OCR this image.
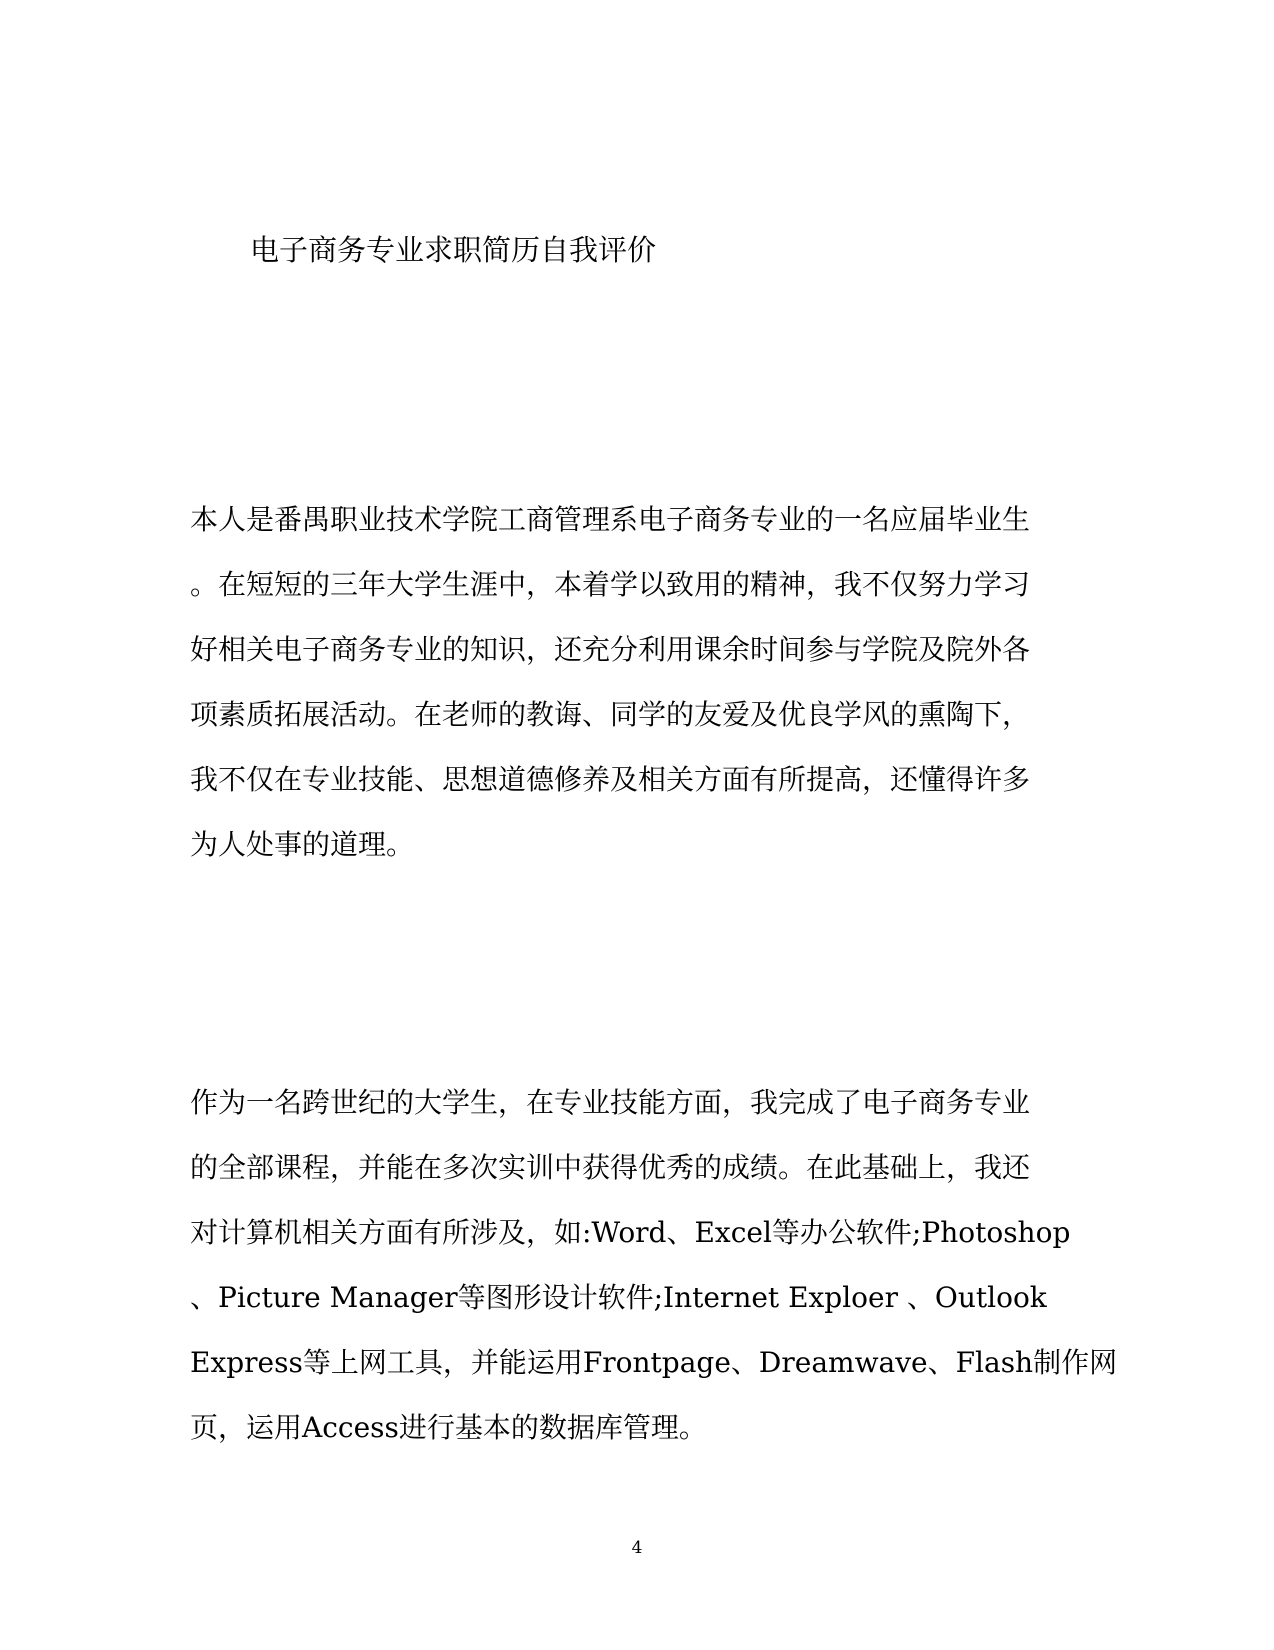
电子商务专业求职简历自我评价
本人是番禺职业技术学院工商管理系电子商务专业的一名应届毕业生
。在短短的三年大学生涯中，本着学以致用的精神，我不仅努力学习
好相关电子商务专业的知识，还充分利用课余时间参与学院及院外各
项素质拓展活动。在老师的教诲、同学的友爱及优良学风的熏陶下，
我不仅在专业技能、思想道德修养及相关方面有所提高，还懂得许多
为人处事的道理。
作为一名跨世纪的大学生，在专业技能方面，我完成了电子商务专业
的全部课程，并能在多次实训中获得优秀的成绩。在此基础上，我还
对计算机相关方面有所涉及，如:Word、Excel等办公软件;Photoshop
、Picture Manager等图形设计软件;Internet Exploer 、Outlook
Express等上网工具，并能运用Frontpage、Dreamwave、Flash制作网
页，运用Access进行基本的数据库管理。
4
